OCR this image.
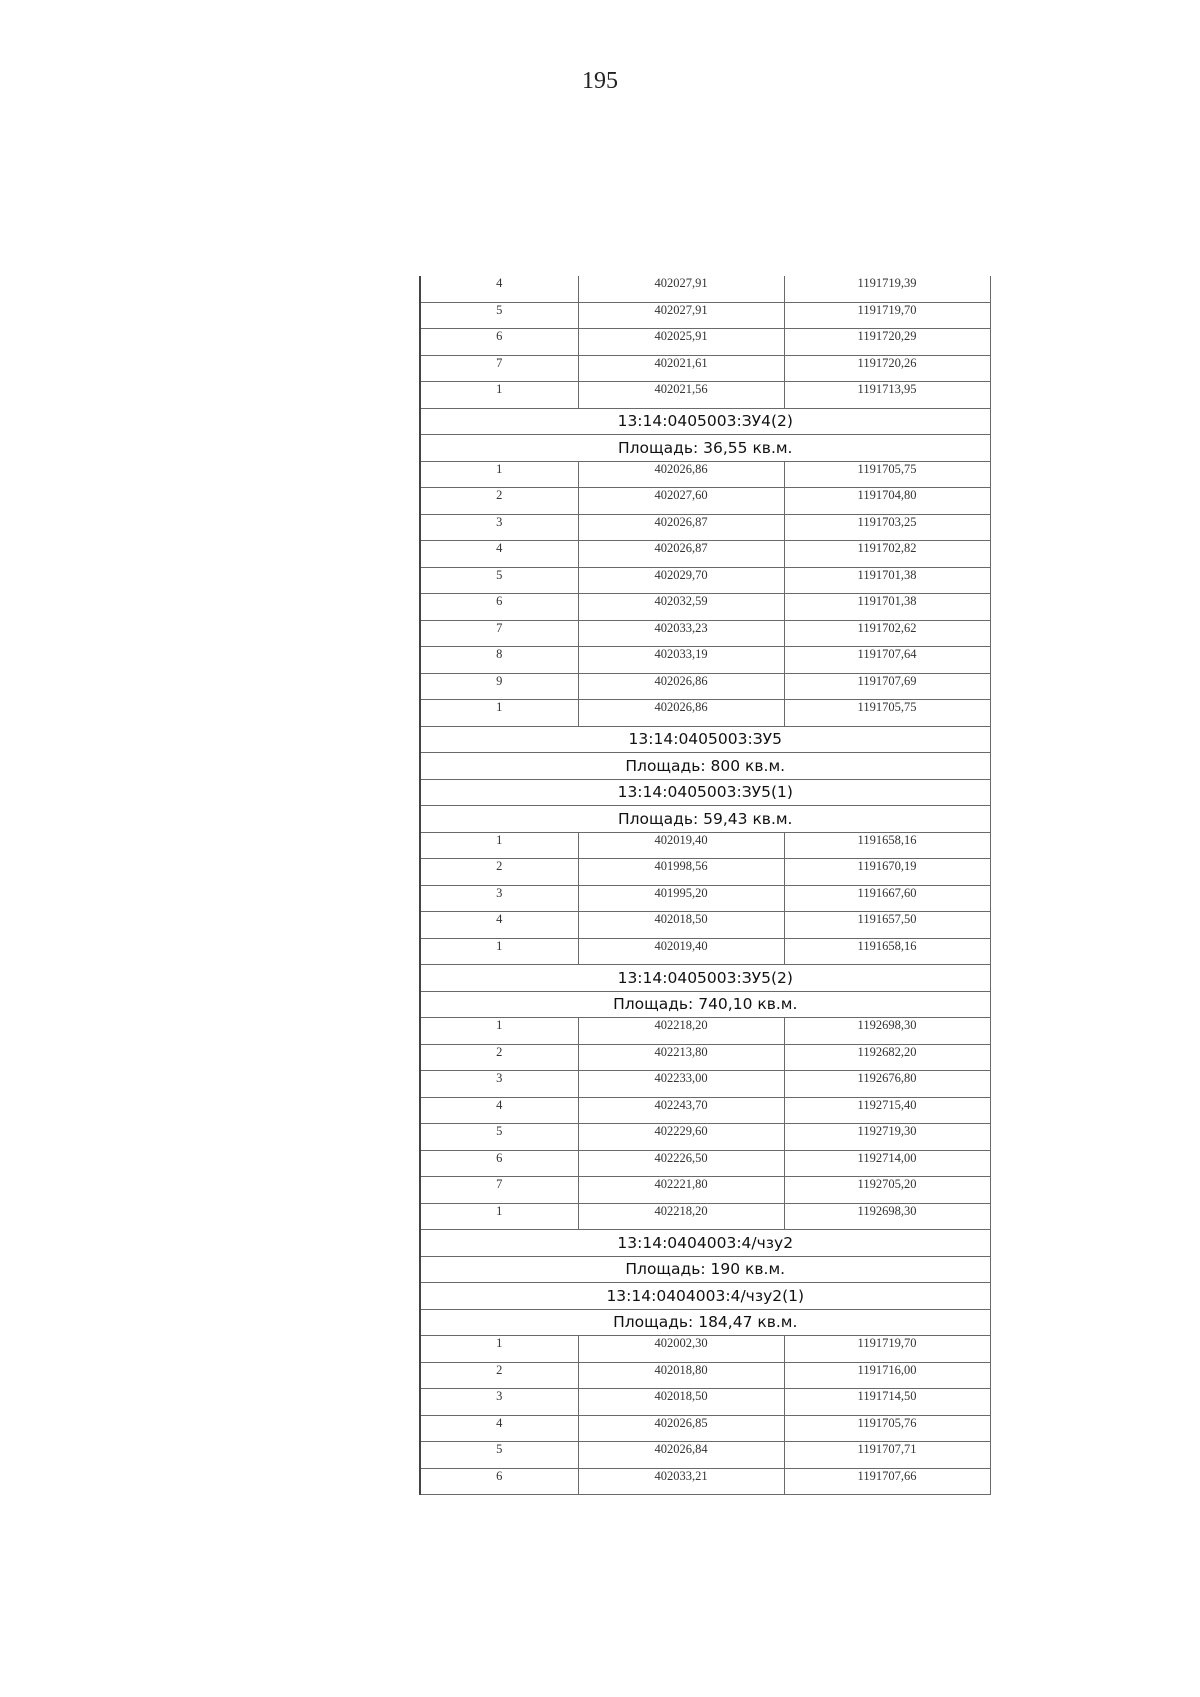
195
4	402027,91	1191719,39
5	402027,91	1191719,70
6	402025,91	1191720,29
7	402021,61	1191720,26
1	402021,56	1191713,95
13:14:0405003:ЗУ4(2)		
Площадь: 36,55 кв.м.		
1	402026,86	1191705,75
2	402027,60	1191704,80
3	402026,87	1191703,25
4	402026,87	1191702,82
5	402029,70	1191701,38
6	402032,59	1191701,38
7	402033,23	1191702,62
8	402033,19	1191707,64
9	402026,86	1191707,69
1	402026,86	1191705,75
13:14:0405003:ЗУ5		
Площадь: 800 кв.м.		
13:14:0405003:ЗУ5(1)		
Площадь: 59,43 кв.м.		
1	402019,40	1191658,16
2	401998,56	1191670,19
3	401995,20	1191667,60
4	402018,50	1191657,50
1	402019,40	1191658,16
13:14:0405003:ЗУ5(2)		
Площадь: 740,10 кв.м.		
1	402218,20	1192698,30
2	402213,80	1192682,20
3	402233,00	1192676,80
4	402243,70	1192715,40
5	402229,60	1192719,30
6	402226,50	1192714,00
7	402221,80	1192705,20
1	402218,20	1192698,30
13:14:0404003:4/чзу2		
Площадь: 190 кв.м.		
13:14:0404003:4/чзу2(1)		
Площадь: 184,47 кв.м.		
1	402002,30	1191719,70
2	402018,80	1191716,00
3	402018,50	1191714,50
4	402026,85	1191705,76
5	402026,84	1191707,71
6	402033,21	1191707,66
